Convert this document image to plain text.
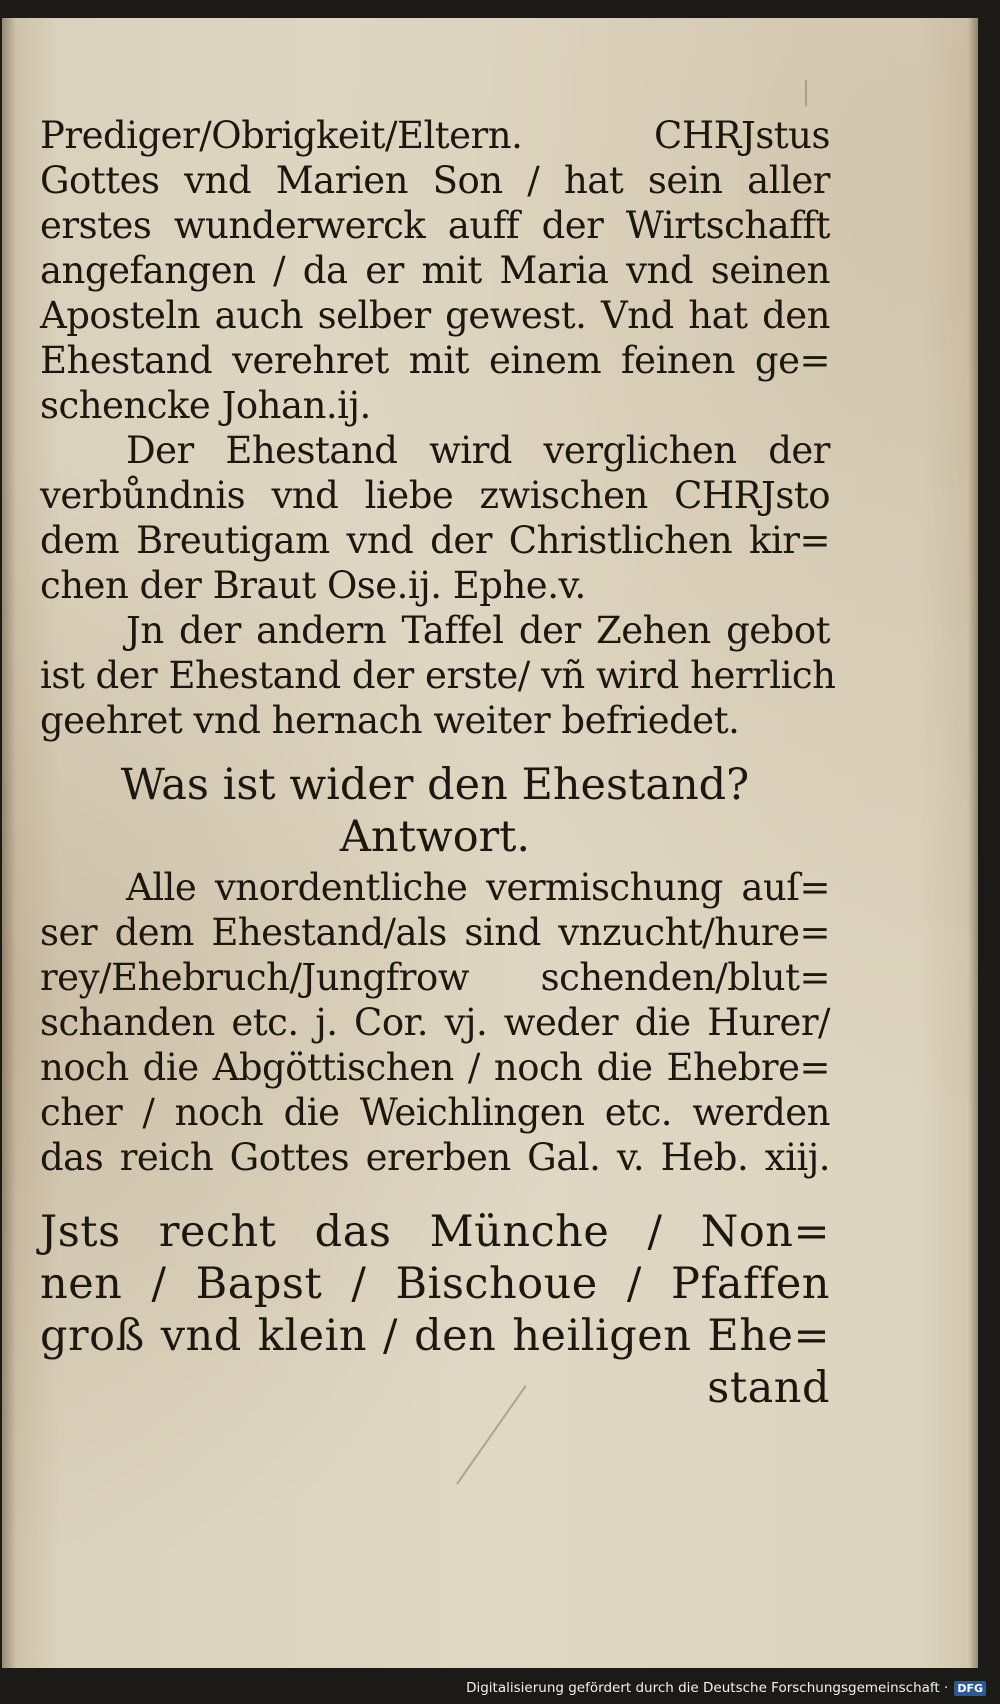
Prediger/Obrigkeit/Eltern. CHRJstus
Gottes vnd Marien Son / hat sein aller
erstes wunderwerck auff der Wirtschafft
angefangen / da er mit Maria vnd seinen
Aposteln auch selber gewest. Vnd hat den
Ehestand verehret mit einem feinen ge=
schencke Johan.ij.
Der Ehestand wird verglichen der
verbůndnis vnd liebe zwischen CHRJsto
dem Breutigam vnd der Christlichen kir=
chen der Braut Ose.ij. Ephe.v.
Jn der andern Taffel der Zehen gebot
ist der Ehestand der erste/ vñ wird herrlich
geehret vnd hernach weiter befriedet.
Was ist wider den Ehestand?
Antwort.
Alle vnordentliche vermischung auſ=
ser dem Ehestand/als sind vnzucht/hure=
rey/Ehebruch/Jungfrow schenden/blut=
schanden etc. j. Cor. vj. weder die Hurer/
noch die Abgöttischen / noch die Ehebre=
cher / noch die Weichlingen etc. werden
das reich Gottes ererben Gal. v. Heb. xiij.
Jsts recht das Münche / Non=
nen / Bapst / Bischoue / Pfaffen
groß vnd klein / den heiligen Ehe=
stand
Digitalisierung gefördert durch die Deutsche Forschungsgemeinschaft · DFG
